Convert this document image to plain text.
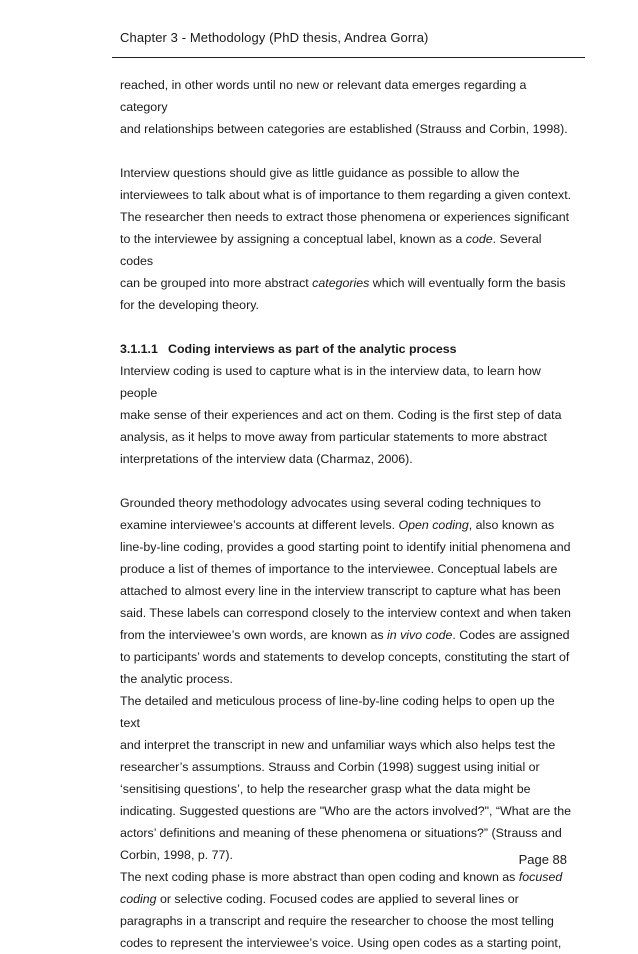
Chapter 3 - Methodology (PhD thesis, Andrea Gorra)

reached, in other words until no new or relevant data emerges regarding a category
and relationships between categories are established (Strauss and Corbin, 1998).

Interview questions should give as little guidance as possible to allow the
interviewees to talk about what is of importance to them regarding a given context.
The researcher then needs to extract those phenomena or experiences significant
to the interviewee by assigning a conceptual label, known as a code. Several codes
can be grouped into more abstract categories which will eventually form the basis
for the developing theory.

3.1.1.1 Coding interviews as part of the analytic process

Interview coding is used to capture what is in the interview data, to learn how people
make sense of their experiences and act on them. Coding is the first step of data
analysis, as it helps to move away from particular statements to more abstract
interpretations of the interview data (Charmaz, 2006).

Grounded theory methodology advocates using several coding techniques to
examine interviewee’s accounts at different levels. Open coding, also known as
line-by-line coding, provides a good starting point to identify initial phenomena and
produce a list of themes of importance to the interviewee. Conceptual labels are
attached to almost every line in the interview transcript to capture what has been
said. These labels can correspond closely to the interview context and when taken
from the interviewee’s own words, are known as in vivo code. Codes are assigned
to participants’ words and statements to develop concepts, constituting the start of
the analytic process.

The detailed and meticulous process of line-by-line coding helps to open up the text
and interpret the transcript in new and unfamiliar ways which also helps test the
researcher’s assumptions. Strauss and Corbin (1998) suggest using initial or
‘sensitising questions’, to help the researcher grasp what the data might be
indicating. Suggested questions are "Who are the actors involved?", “What are the
actors’ definitions and meaning of these phenomena or situations?” (Strauss and
Corbin, 1998, p. 77).

The next coding phase is more abstract than open coding and known as focused
coding or selective coding. Focused codes are applied to several lines or
paragraphs in a transcript and require the researcher to choose the most telling
codes to represent the interviewee’s voice. Using open codes as a starting point,

Page 88
